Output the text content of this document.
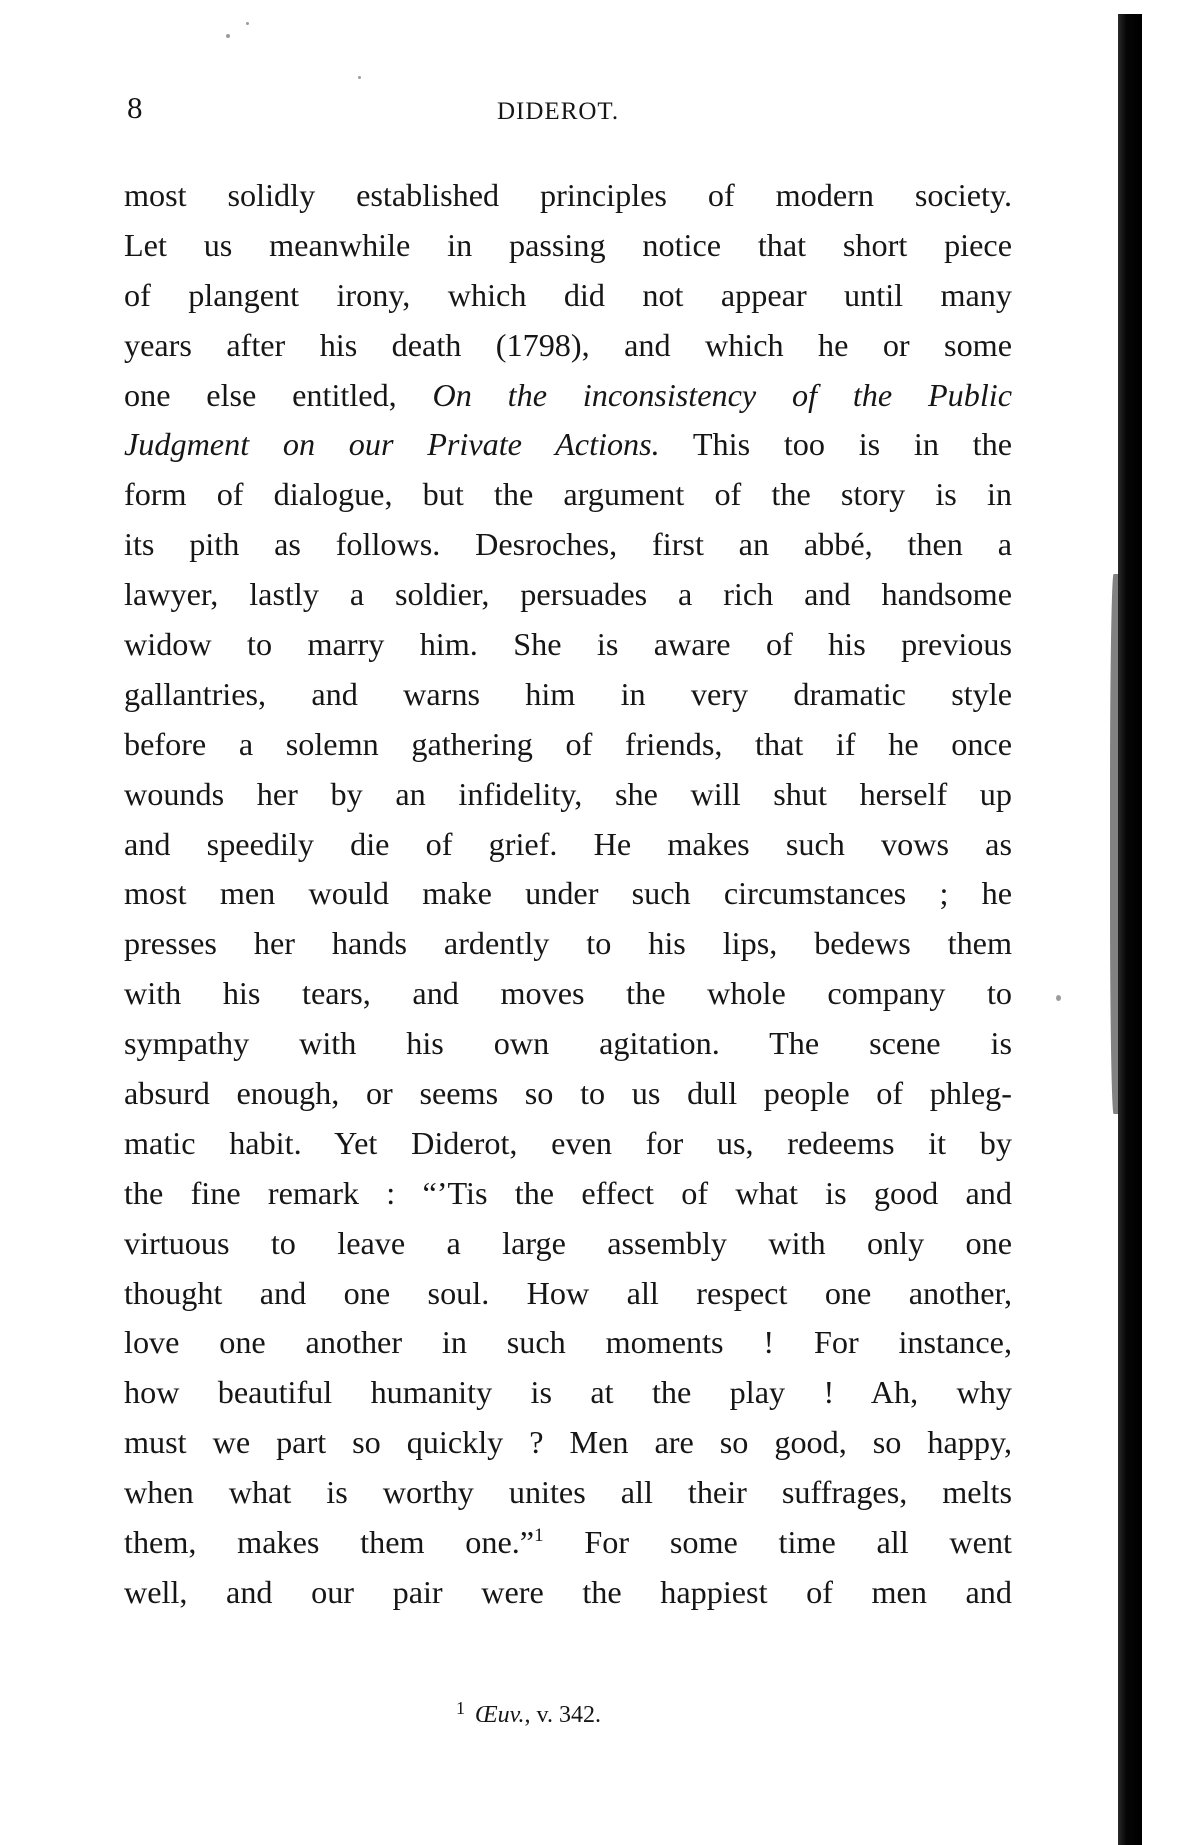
8	DIDEROT.

most solidly established principles of modern society.
Let us meanwhile in passing notice that short piece
of plangent irony, which did not appear until many
years after his death (1798), and which he or some
one else entitled, On the inconsistency of the Public
Judgment on our Private Actions. This too is in the
form of dialogue, but the argument of the story is in
its pith as follows. Desroches, first an abbé, then a
lawyer, lastly a soldier, persuades a rich and handsome
widow to marry him. She is aware of his previous
gallantries, and warns him in very dramatic style
before a solemn gathering of friends, that if he once
wounds her by an infidelity, she will shut herself up
and speedily die of grief. He makes such vows as
most men would make under such circumstances ; he
presses her hands ardently to his lips, bedews them
with his tears, and moves the whole company to
sympathy with his own agitation. The scene is
absurd enough, or seems so to us dull people of phleg-
matic habit. Yet Diderot, even for us, redeems it by
the fine remark : “’Tis the effect of what is good and
virtuous to leave a large assembly with only one
thought and one soul. How all respect one another,
love one another in such moments ! For instance,
how beautiful humanity is at the play ! Ah, why
must we part so quickly ? Men are so good, so happy,
when what is worthy unites all their suffrages, melts
them, makes them one.”$^1$ For some time all went
well, and our pair were the happiest of men and

$^1$ Œuv., v. 342.
